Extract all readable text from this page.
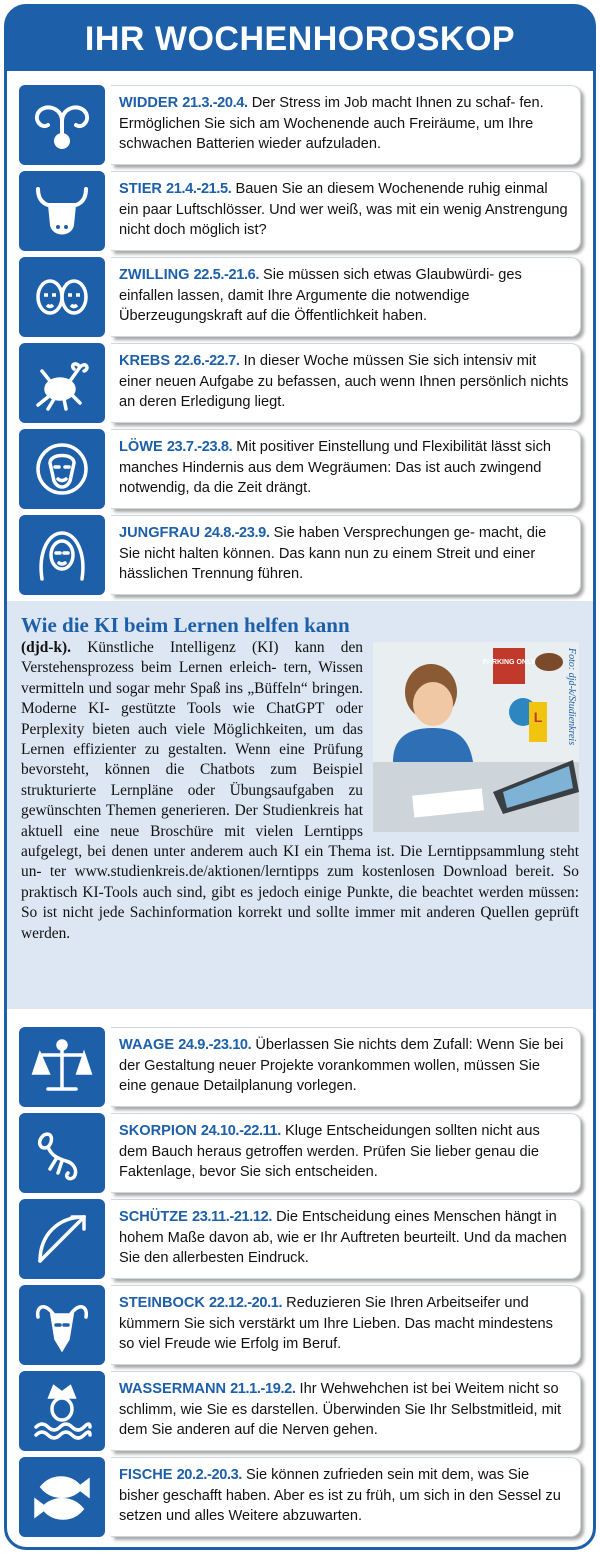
IHR WOCHENHOROSKOP
WIDDER 21.3.-20.4. Der Stress im Job macht Ihnen zu schaf- fen. Ermöglichen Sie sich am Wochenende auch Freiräume, um Ihre schwachen Batterien wieder aufzuladen.
STIER 21.4.-21.5. Bauen Sie an diesem Wochenende ruhig einmal ein paar Luftschlösser. Und wer weiß, was mit ein wenig Anstrengung nicht doch möglich ist?
ZWILLING 22.5.-21.6. Sie müssen sich etwas Glaubwürdi- ges einfallen lassen, damit Ihre Argumente die notwendige Überzeugungskraft auf die Öffentlichkeit haben.
KREBS 22.6.-22.7. In dieser Woche müssen Sie sich intensiv mit einer neuen Aufgabe zu befassen, auch wenn Ihnen persönlich nichts an deren Erledigung liegt.
LÖWE 23.7.-23.8. Mit positiver Einstellung und Flexibilität lässt sich manches Hindernis aus dem Wegräumen: Das ist auch zwingend notwendig, da die Zeit drängt.
JUNGFRAU 24.8.-23.9. Sie haben Versprechungen ge- macht, die Sie nicht halten können. Das kann nun zu einem Streit und einer hässlichen Trennung führen.
Wie die KI beim Lernen helfen kann
PARKING ONLY
L Foto: djd-k/Studienkreis
(djd-k). Künstliche Intelligenz (KI) kann den Verstehensprozess beim Lernen erleich- tern, Wissen vermitteln und sogar mehr Spaß ins „Büffeln“ bringen. Moderne KI- gestützte Tools wie ChatGPT oder Perplexity bieten auch viele Möglichkeiten, um das Lernen effizienter zu gestalten. Wenn eine Prüfung bevorsteht, können die Chatbots zum Beispiel strukturierte Lernpläne oder Übungsaufgaben zu gewünschten Themen generieren. Der Studienkreis hat aktuell eine neue Broschüre mit vielen Lerntipps aufgelegt, bei denen unter anderem auch KI ein Thema ist. Die Lerntippsammlung steht un- ter www.studienkreis.de/aktionen/lerntipps zum kostenlosen Download bereit. So praktisch KI-Tools auch sind, gibt es jedoch einige Punkte, die beachtet werden müssen: So ist nicht jede Sachinformation korrekt und sollte immer mit anderen Quellen geprüft werden.
WAAGE 24.9.-23.10. Überlassen Sie nichts dem Zufall: Wenn Sie bei der Gestaltung neuer Projekte vorankommen wollen, müssen Sie eine genaue Detailplanung vorlegen.
SKORPION 24.10.-22.11. Kluge Entscheidungen sollten nicht aus dem Bauch heraus getroffen werden. Prüfen Sie lieber genau die Faktenlage, bevor Sie sich entscheiden.
SCHÜTZE 23.11.-21.12. Die Entscheidung eines Menschen hängt in hohem Maße davon ab, wie er Ihr Auftreten beurteilt. Und da machen Sie den allerbesten Eindruck.
STEINBOCK 22.12.-20.1. Reduzieren Sie Ihren Arbeitseifer und kümmern Sie sich verstärkt um Ihre Lieben. Das macht mindestens so viel Freude wie Erfolg im Beruf.
WASSERMANN 21.1.-19.2. Ihr Wehwehchen ist bei Weitem nicht so schlimm, wie Sie es darstellen. Überwinden Sie Ihr Selbstmitleid, mit dem Sie anderen auf die Nerven gehen.
FISCHE 20.2.-20.3. Sie können zufrieden sein mit dem, was Sie bisher geschafft haben. Aber es ist zu früh, um sich in den Sessel zu setzen und alles Weitere abzuwarten.
